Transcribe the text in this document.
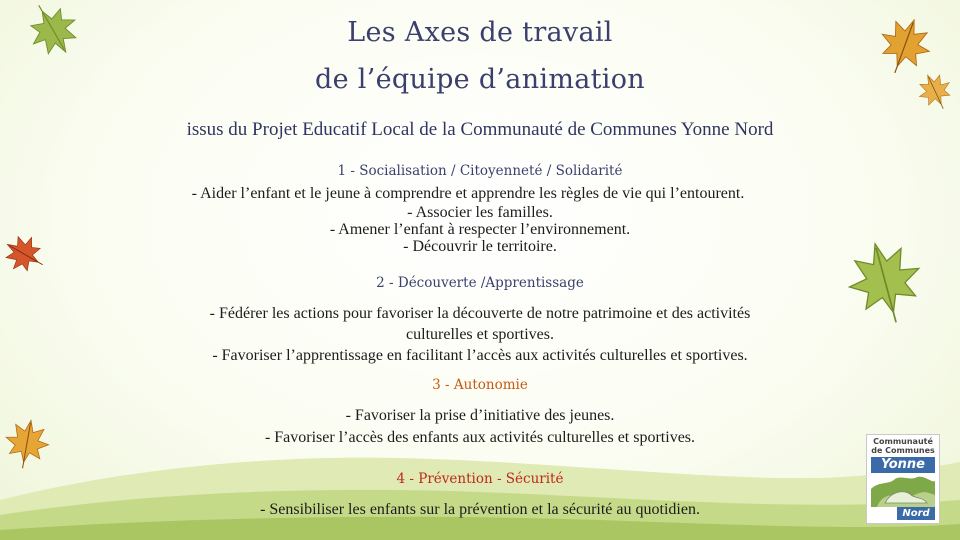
Les Axes de travail
de l’équipe d’animation
issus du Projet Educatif Local de la Communauté de Communes Yonne Nord
1 - Socialisation / Citoyenneté / Solidarité
- Aider l’enfant et le jeune à comprendre et apprendre les règles de vie qui l’entourent.
- Associer les familles.
- Amener l’enfant à respecter l’environnement.
- Découvrir le territoire.
2 - Découverte /Apprentissage
- Fédérer les actions pour favoriser la découverte de notre patrimoine et des activités
culturelles et sportives.
- Favoriser l’apprentissage en facilitant l’accès aux activités culturelles et sportives.
3 - Autonomie
- Favoriser la prise d’initiative des jeunes.
- Favoriser l’accès des enfants aux activités culturelles et sportives.
4 - Prévention - Sécurité
- Sensibiliser les enfants sur la prévention et la sécurité au quotidien.
Communauté
de Communes
Yonne
Nord
